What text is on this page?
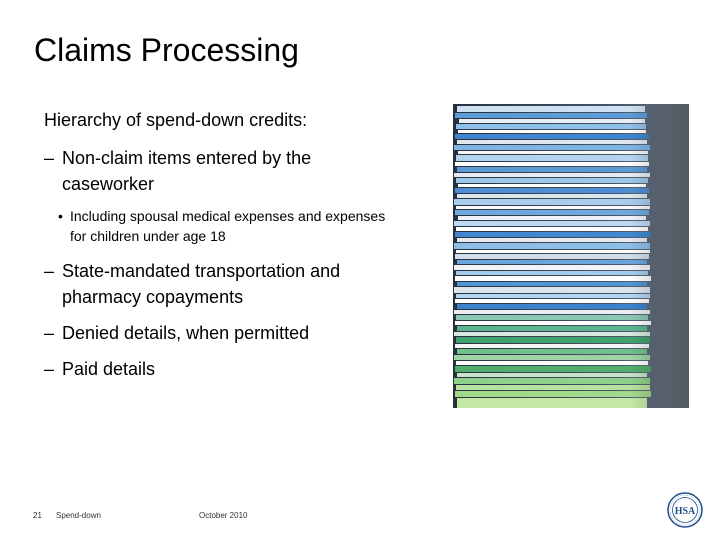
Claims Processing
Hierarchy of spend-down credits:
– Non-claim items entered by the caseworker
• Including spousal medical expenses and expenses for children under age 18
– State-mandated transportation and pharmacy copayments
– Denied details, when permitted
– Paid details
21 Spend-down	October 2010	HSA
